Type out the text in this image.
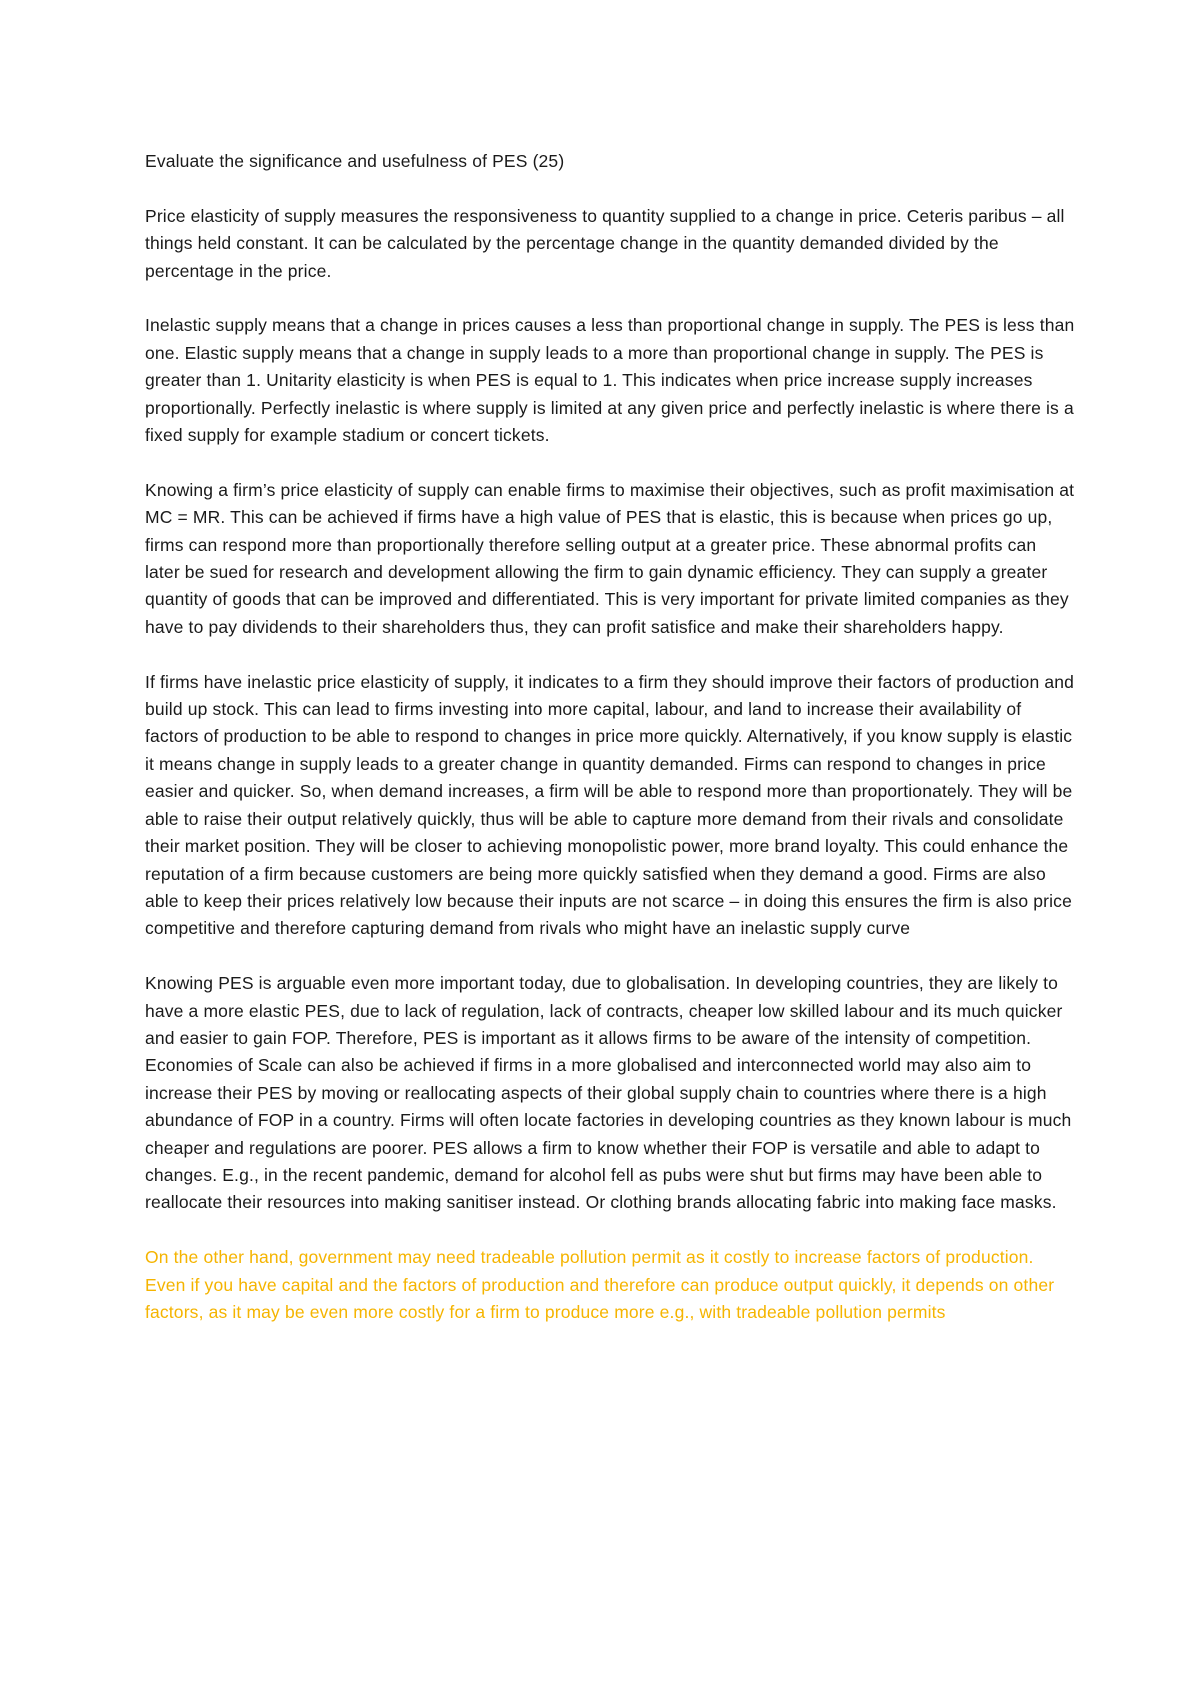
Evaluate the significance and usefulness of PES (25)

Price elasticity of supply measures the responsiveness to quantity supplied to a change in price. Ceteris paribus – all things held constant. It can be calculated by the percentage change in the quantity demanded divided by the percentage in the price.

Inelastic supply means that a change in prices causes a less than proportional change in supply. The PES is less than one. Elastic supply means that a change in supply leads to a more than proportional change in supply. The PES is greater than 1. Unitarity elasticity is when PES is equal to 1. This indicates when price increase supply increases proportionally. Perfectly inelastic is where supply is limited at any given price and perfectly inelastic is where there is a fixed supply for example stadium or concert tickets.

Knowing a firm’s price elasticity of supply can enable firms to maximise their objectives, such as profit maximisation at MC = MR. This can be achieved if firms have a high value of PES that is elastic, this is because when prices go up, firms can respond more than proportionally therefore selling output at a greater price. These abnormal profits can later be sued for research and development allowing the firm to gain dynamic efficiency. They can supply a greater quantity of goods that can be improved and differentiated. This is very important for private limited companies as they have to pay dividends to their shareholders thus, they can profit satisfice and make their shareholders happy.

If firms have inelastic price elasticity of supply, it indicates to a firm they should improve their factors of production and build up stock. This can lead to firms investing into more capital, labour, and land to increase their availability of factors of production to be able to respond to changes in price more quickly. Alternatively, if you know supply is elastic it means change in supply leads to a greater change in quantity demanded. Firms can respond to changes in price easier and quicker. So, when demand increases, a firm will be able to respond more than proportionately. They will be able to raise their output relatively quickly, thus will be able to capture more demand from their rivals and consolidate their market position. They will be closer to achieving monopolistic power, more brand loyalty. This could enhance the reputation of a firm because customers are being more quickly satisfied when they demand a good. Firms are also able to keep their prices relatively low because their inputs are not scarce – in doing this ensures the firm is also price competitive and therefore capturing demand from rivals who might have an inelastic supply curve

Knowing PES is arguable even more important today, due to globalisation. In developing countries, they are likely to have a more elastic PES, due to lack of regulation, lack of contracts, cheaper low skilled labour and its much quicker and easier to gain FOP. Therefore, PES is important as it allows firms to be aware of the intensity of competition. Economies of Scale can also be achieved if firms in a more globalised and interconnected world may also aim to increase their PES by moving or reallocating aspects of their global supply chain to countries where there is a high abundance of FOP in a country. Firms will often locate factories in developing countries as they known labour is much cheaper and regulations are poorer. PES allows a firm to know whether their FOP is versatile and able to adapt to changes. E.g., in the recent pandemic, demand for alcohol fell as pubs were shut but firms may have been able to reallocate their resources into making sanitiser instead. Or clothing brands allocating fabric into making face masks.

On the other hand, government may need tradeable pollution permit as it costly to increase factors of production. Even if you have capital and the factors of production and therefore can produce output quickly, it depends on other factors, as it may be even more costly for a firm to produce more e.g., with tradeable pollution permits
